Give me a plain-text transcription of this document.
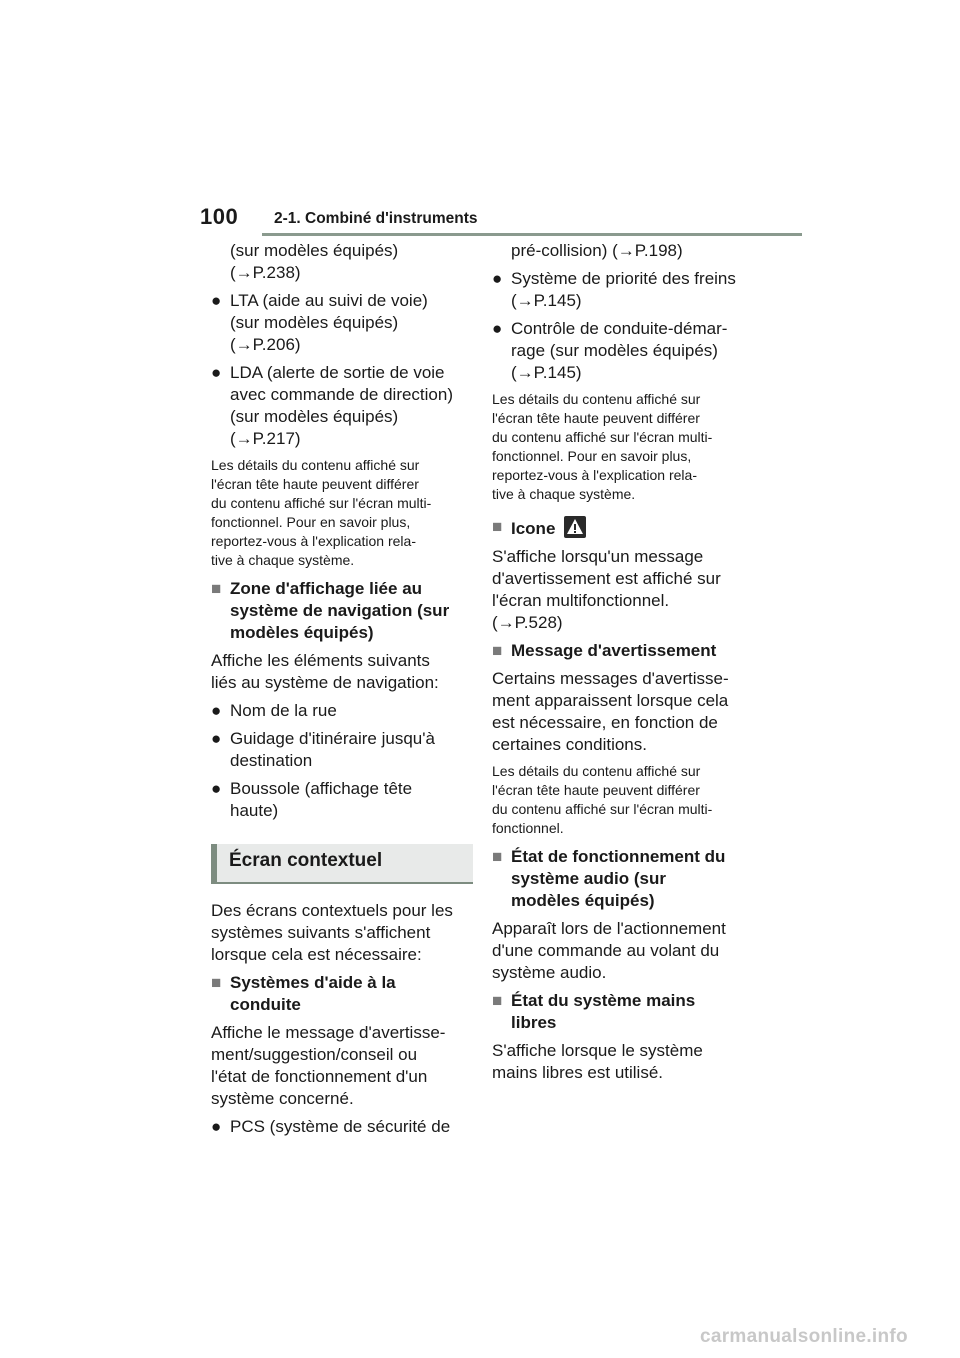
100 2-1. Combiné d'instruments
(sur modèles équipés)
(→P.238)
● LTA (aide au suivi de voie)
(sur modèles équipés)
(→P.206)
● LDA (alerte de sortie de voie
avec commande de direction)
(sur modèles équipés)
(→P.217)
Les détails du contenu affiché sur
l'écran tête haute peuvent différer
du contenu affiché sur l'écran multi-
fonctionnel. Pour en savoir plus,
reportez-vous à l'explication rela-
tive à chaque système.
■ Zone d'affichage liée au
système de navigation (sur
modèles équipés)
Affiche les éléments suivants
liés au système de navigation:
● Nom de la rue
● Guidage d'itinéraire jusqu'à
destination
● Boussole (affichage tête
haute)
Écran contextuel
Des écrans contextuels pour les
systèmes suivants s'affichent
lorsque cela est nécessaire:
■ Systèmes d'aide à la
conduite
Affiche le message d'avertisse-
ment/suggestion/conseil ou
l'état de fonctionnement d'un
système concerné.
● PCS (système de sécurité de
pré-collision) (→P.198)
● Système de priorité des freins
(→P.145)
● Contrôle de conduite-démar-
rage (sur modèles équipés)
(→P.145)
Les détails du contenu affiché sur
l'écran tête haute peuvent différer
du contenu affiché sur l'écran multi-
fonctionnel. Pour en savoir plus,
reportez-vous à l'explication rela-
tive à chaque système.
■ Icone
S'affiche lorsqu'un message
d'avertissement est affiché sur
l'écran multifonctionnel.
(→P.528)
■ Message d'avertissement
Certains messages d'avertisse-
ment apparaissent lorsque cela
est nécessaire, en fonction de
certaines conditions.
Les détails du contenu affiché sur
l'écran tête haute peuvent différer
du contenu affiché sur l'écran multi-
fonctionnel.
■ État de fonctionnement du
système audio (sur
modèles équipés)
Apparaît lors de l'actionnement
d'une commande au volant du
système audio.
■ État du système mains
libres
S'affiche lorsque le système
mains libres est utilisé.
carmanualsonline.info
